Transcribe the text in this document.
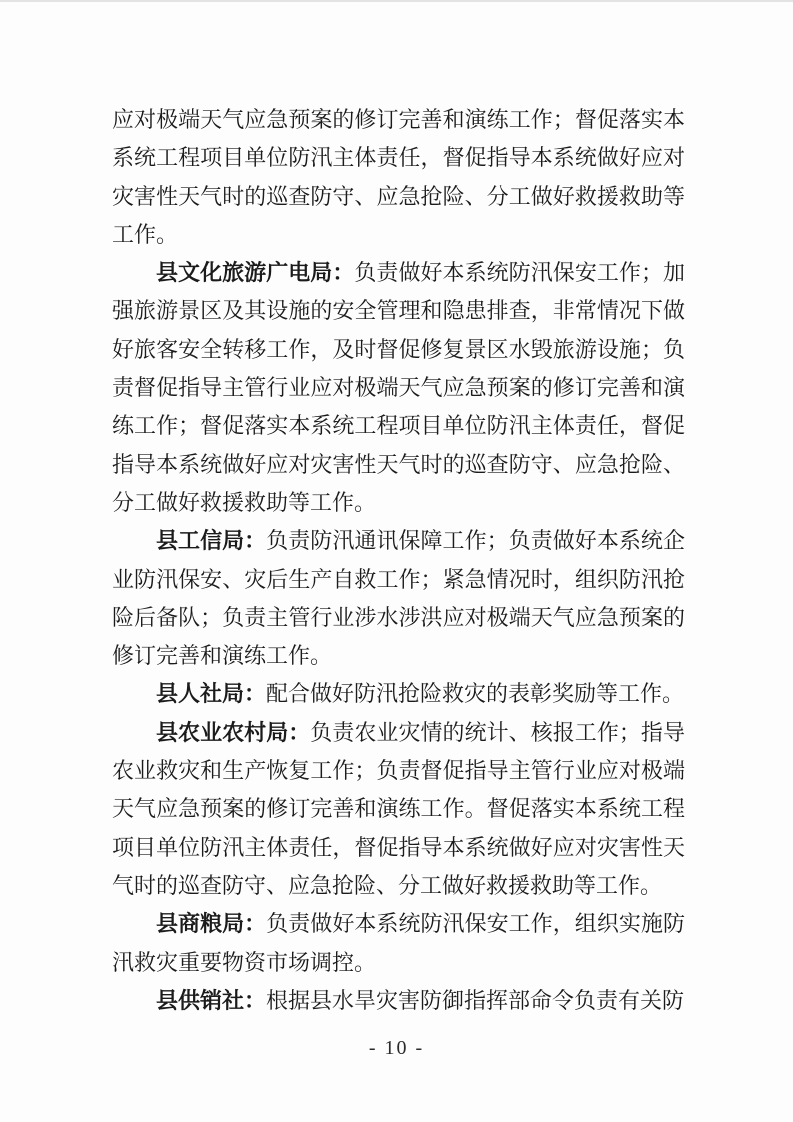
应对极端天气应急预案的修订完善和演练工作；督促落实本系统工程项目单位防汛主体责任，督促指导本系统做好应对灾害性天气时的巡查防守、应急抢险、分工做好救援救助等工作。

县文化旅游广电局：负责做好本系统防汛保安工作；加强旅游景区及其设施的安全管理和隐患排查，非常情况下做好旅客安全转移工作，及时督促修复景区水毁旅游设施；负责督促指导主管行业应对极端天气应急预案的修订完善和演练工作；督促落实本系统工程项目单位防汛主体责任，督促指导本系统做好应对灾害性天气时的巡查防守、应急抢险、分工做好救援救助等工作。

县工信局：负责防汛通讯保障工作；负责做好本系统企业防汛保安、灾后生产自救工作；紧急情况时，组织防汛抢险后备队；负责主管行业涉水涉洪应对极端天气应急预案的修订完善和演练工作。

县人社局：配合做好防汛抢险救灾的表彰奖励等工作。

县农业农村局：负责农业灾情的统计、核报工作；指导农业救灾和生产恢复工作；负责督促指导主管行业应对极端天气应急预案的修订完善和演练工作。督促落实本系统工程项目单位防汛主体责任，督促指导本系统做好应对灾害性天气时的巡查防守、应急抢险、分工做好救援救助等工作。

县商粮局：负责做好本系统防汛保安工作，组织实施防汛救灾重要物资市场调控。

县供销社：根据县水旱灾害防御指挥部命令负责有关防

- 10 -
